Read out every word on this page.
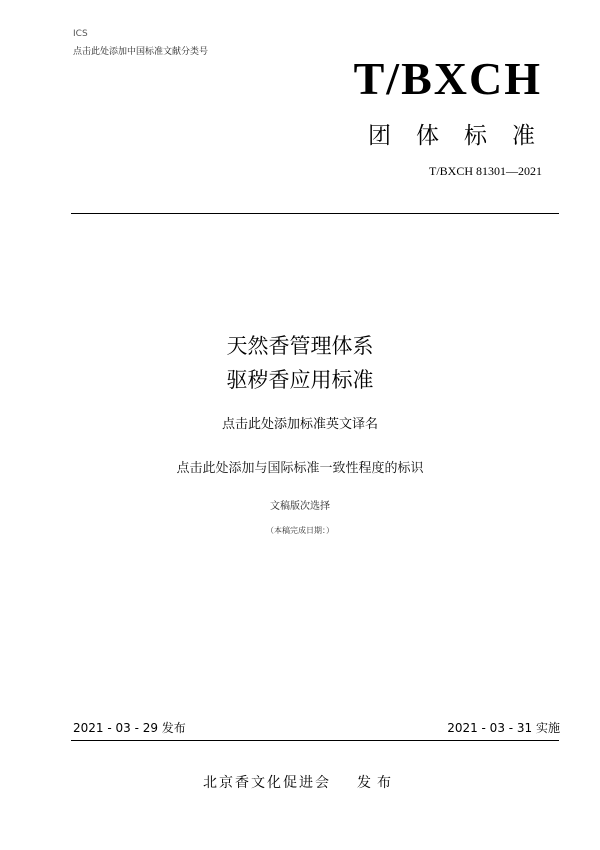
ICS
点击此处添加中国标准文献分类号
T/BXCH
团体标准
T/BXCH 81301—2021
天然香管理体系
驱秽香应用标准
点击此处添加标准英文译名
点击此处添加与国际标准一致性程度的标识
文稿版次选择
（本稿完成日期：）
2021 - 03 - 29 发布	2021 - 03 - 31 实施
北京香文化促进会 发布
